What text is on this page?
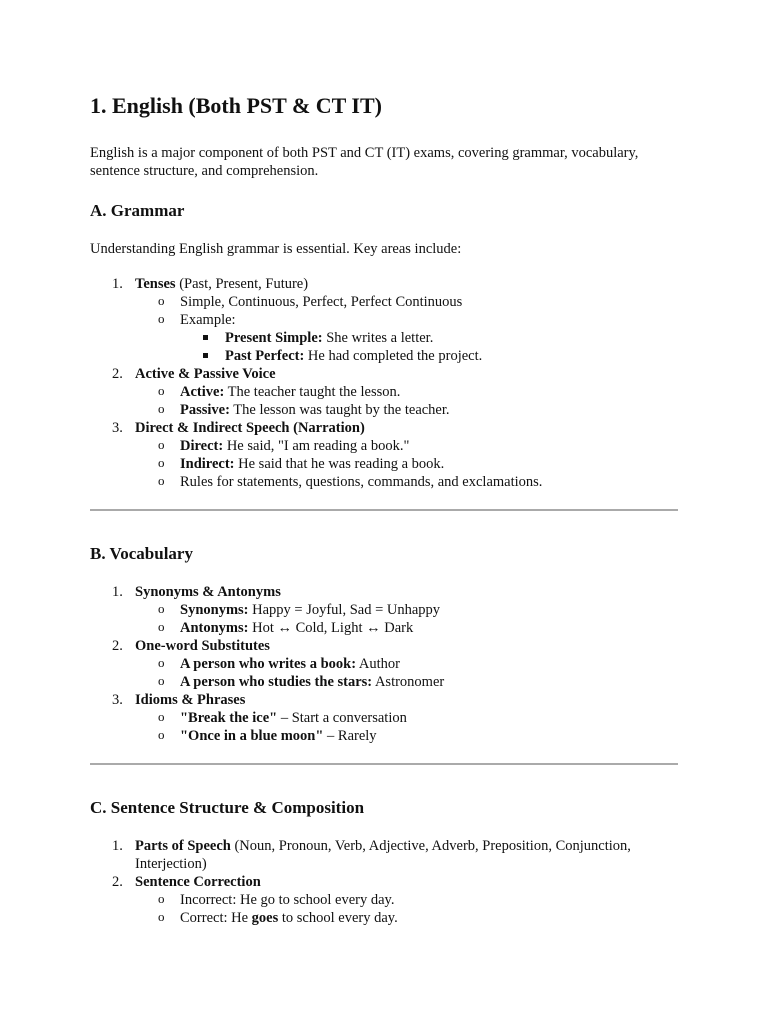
1. English (Both PST & CT IT)

English is a major component of both PST and CT (IT) exams, covering grammar, vocabulary, sentence structure, and comprehension.

A. Grammar

Understanding English grammar is essential. Key areas include:

1. Tenses (Past, Present, Future)
o Simple, Continuous, Perfect, Perfect Continuous
o Example:
Present Simple: She writes a letter.
Past Perfect: He had completed the project.
2. Active & Passive Voice
o Active: The teacher taught the lesson.
o Passive: The lesson was taught by the teacher.
3. Direct & Indirect Speech (Narration)
o Direct: He said, "I am reading a book."
o Indirect: He said that he was reading a book.
o Rules for statements, questions, commands, and exclamations.
B. Vocabulary
1. Synonyms & Antonyms
o Synonyms: Happy = Joyful, Sad = Unhappy
o Antonyms: Hot ↔ Cold, Light ↔ Dark
2. One-word Substitutes
o A person who writes a book: Author
o A person who studies the stars: Astronomer
3. Idioms & Phrases
o "Break the ice" – Start a conversation
o "Once in a blue moon" – Rarely
C. Sentence Structure & Composition
1. Parts of Speech (Noun, Pronoun, Verb, Adjective, Adverb, Preposition, Conjunction, Interjection)
2. Sentence Correction
o Incorrect: He go to school every day.
o Correct: He goes to school every day.
